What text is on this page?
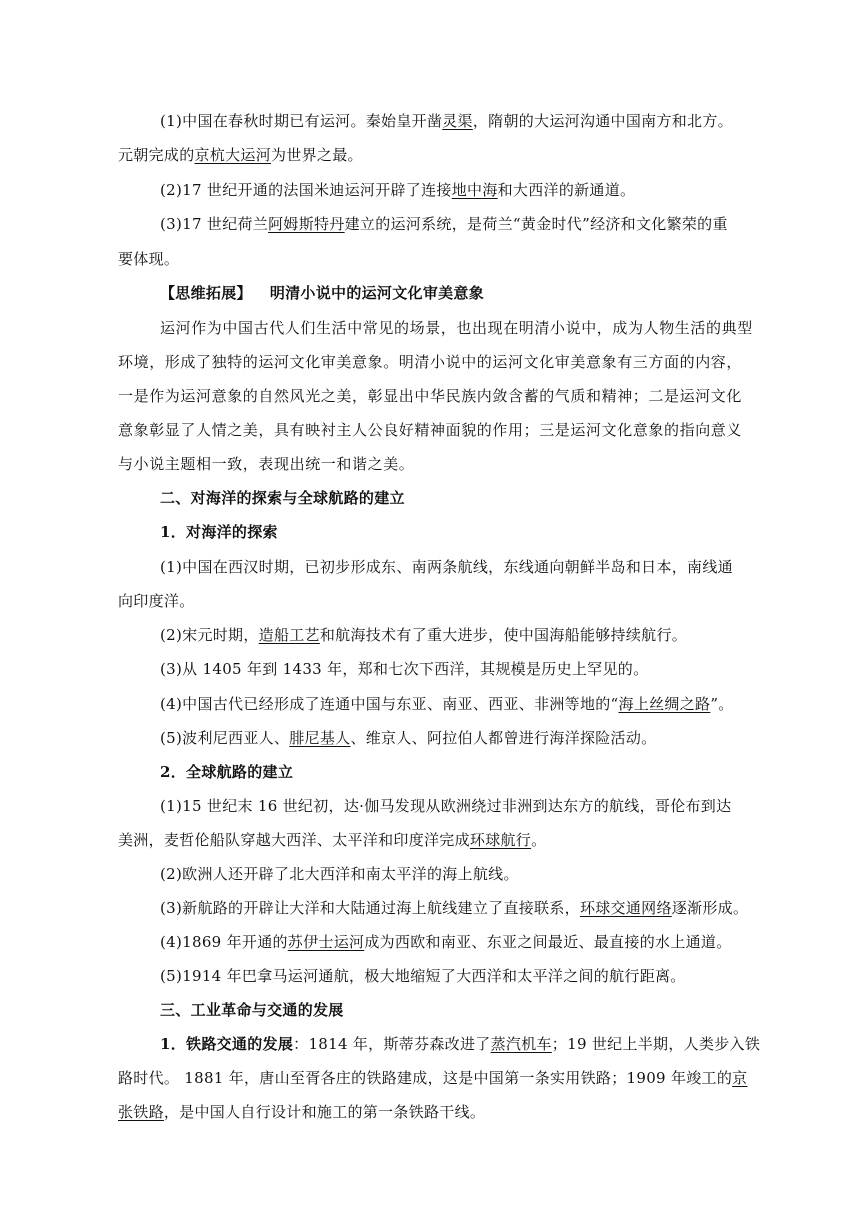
(1)中国在春秋时期已有运河。秦始皇开凿灵渠，隋朝的大运河沟通中国南方和北方。
元朝完成的京杭大运河为世界之最。
(2)17 世纪开通的法国米迪运河开辟了连接地中海和大西洋的新通道。
(3)17 世纪荷兰阿姆斯特丹建立的运河系统，是荷兰“黄金时代”经济和文化繁荣的重
要体现。
【思维拓展】 明清小说中的运河文化审美意象
运河作为中国古代人们生活中常见的场景，也出现在明清小说中，成为人物生活的典型
环境，形成了独特的运河文化审美意象。明清小说中的运河文化审美意象有三方面的内容，
一是作为运河意象的自然风光之美，彰显出中华民族内敛含蓄的气质和精神；二是运河文化
意象彰显了人情之美，具有映衬主人公良好精神面貌的作用；三是运河文化意象的指向意义
与小说主题相一致，表现出统一和谐之美。
二、对海洋的探索与全球航路的建立
1．对海洋的探索
(1)中国在西汉时期，已初步形成东、南两条航线，东线通向朝鲜半岛和日本，南线通
向印度洋。
(2)宋元时期，造船工艺和航海技术有了重大进步，使中国海船能够持续航行。
(3)从 1405 年到 1433 年，郑和七次下西洋，其规模是历史上罕见的。
(4)中国古代已经形成了连通中国与东亚、南亚、西亚、非洲等地的“海上丝绸之路”。
(5)波利尼西亚人、腓尼基人、维京人、阿拉伯人都曾进行海洋探险活动。
2．全球航路的建立
(1)15 世纪末 16 世纪初，达·伽马发现从欧洲绕过非洲到达东方的航线，哥伦布到达
美洲，麦哲伦船队穿越大西洋、太平洋和印度洋完成环球航行。
(2)欧洲人还开辟了北大西洋和南太平洋的海上航线。
(3)新航路的开辟让大洋和大陆通过海上航线建立了直接联系，环球交通网络逐渐形成。
(4)1869 年开通的苏伊士运河成为西欧和南亚、东亚之间最近、最直接的水上通道。
(5)1914 年巴拿马运河通航，极大地缩短了大西洋和太平洋之间的航行距离。
三、工业革命与交通的发展
1．铁路交通的发展：1814 年，斯蒂芬森改进了蒸汽机车；19 世纪上半期，人类步入铁
路时代。 1881 年，唐山至胥各庄的铁路建成，这是中国第一条实用铁路；1909 年竣工的京
张铁路，是中国人自行设计和施工的第一条铁路干线。
